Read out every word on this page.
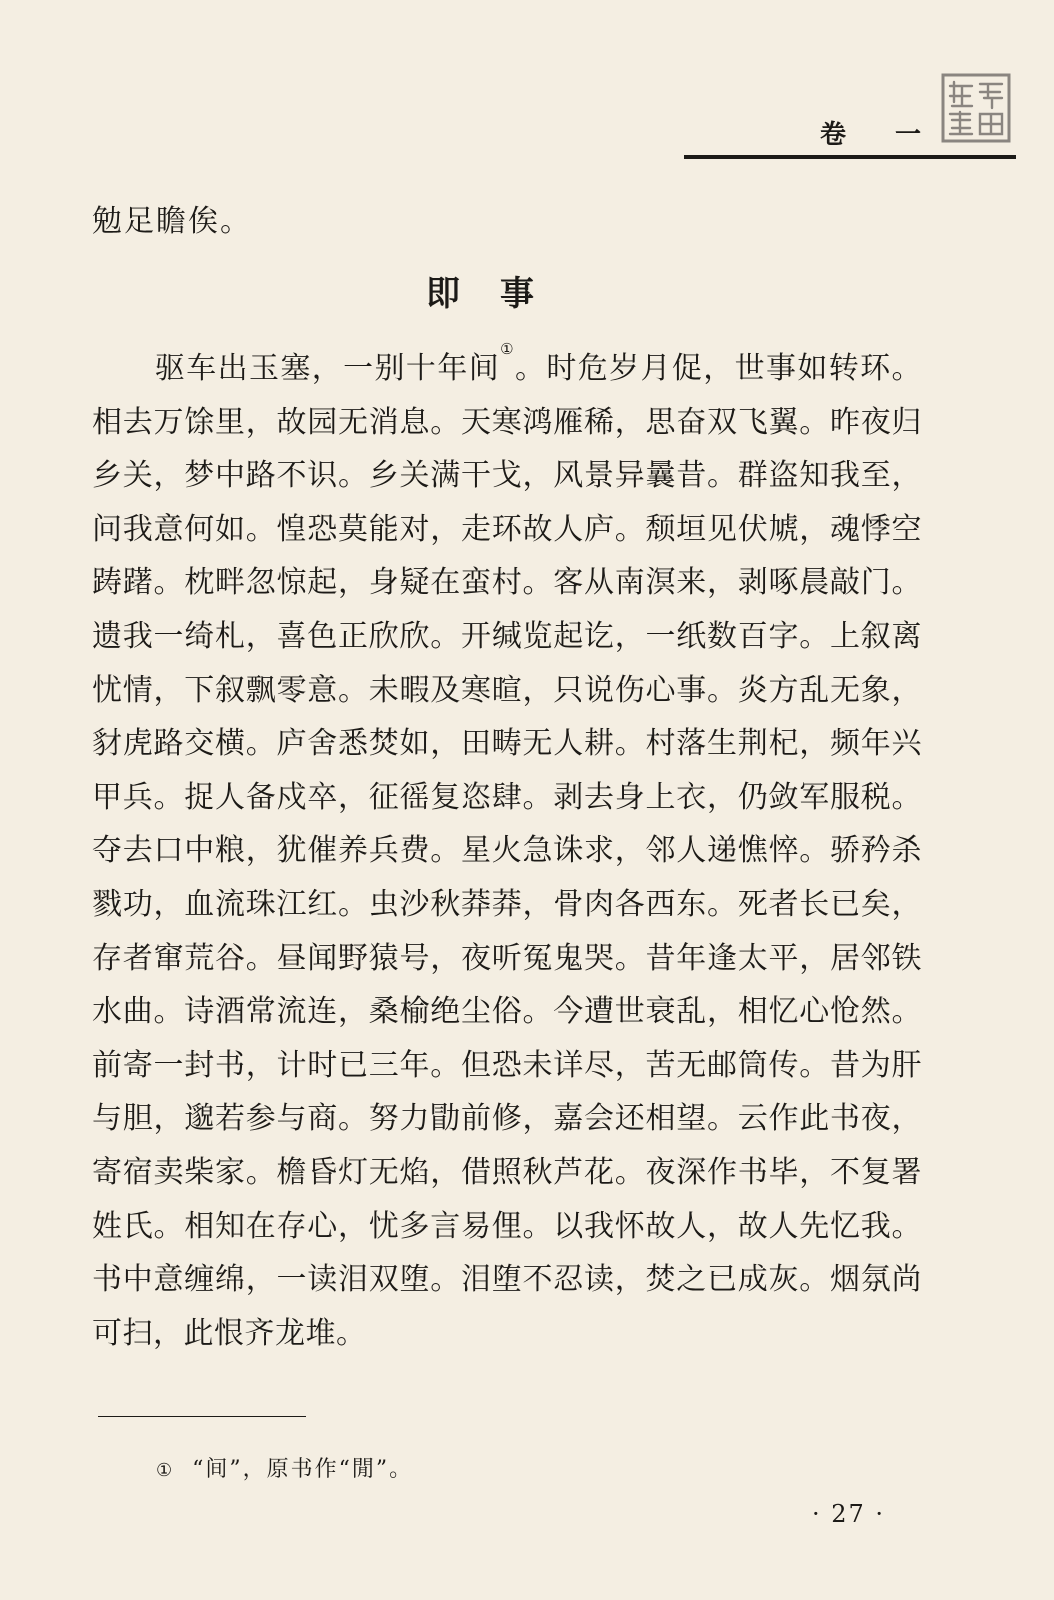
卷 一
勉足瞻俟。
即事
驱车出玉塞，一别十年间①。时危岁月促，世事如转环。相去万馀里，故园无消息。天寒鸿雁稀，思奋双飞翼。昨夜归乡关，梦中路不识。乡关满干戈，风景异曩昔。群盗知我至，问我意何如。惶恐莫能对，走环故人庐。颓垣见伏虓，魂悸空踌躇。枕畔忽惊起，身疑在蛮村。客从南溟来，剥啄晨敲门。遗我一绮札，喜色正欣欣。开缄览起讫，一纸数百字。上叙离忧情，下叙飘零意。未暇及寒暄，只说伤心事。炎方乱无象，豺虎路交横。庐舍悉焚如，田畴无人耕。村落生荆杞，频年兴甲兵。捉人备戍卒，征徭复恣肆。剥去身上衣，仍敛军服税。夺去口中粮，犹催养兵费。星火急诛求，邻人递憔悴。骄矜杀戮功，血流珠江红。虫沙秋莽莽，骨肉各西东。死者长已矣，存者窜荒谷。昼闻野猿号，夜听冤鬼哭。昔年逢太平，居邻铁水曲。诗酒常流连，桑榆绝尘俗。今遭世衰乱，相忆心怆然。前寄一封书，计时已三年。但恐未详尽，苦无邮筒传。昔为肝与胆，邈若参与商。努力勖前修，嘉会还相望。云作此书夜，寄宿卖柴家。檐昏灯无焰，借照秋芦花。夜深作书毕，不复署姓氏。相知在存心，忧多言易俚。以我怀故人，故人先忆我。书中意缠绵，一读泪双堕。泪堕不忍读，焚之已成灰。烟氛尚可扫，此恨齐龙堆。
① “间”，原书作“閒”。
· 27 ·
